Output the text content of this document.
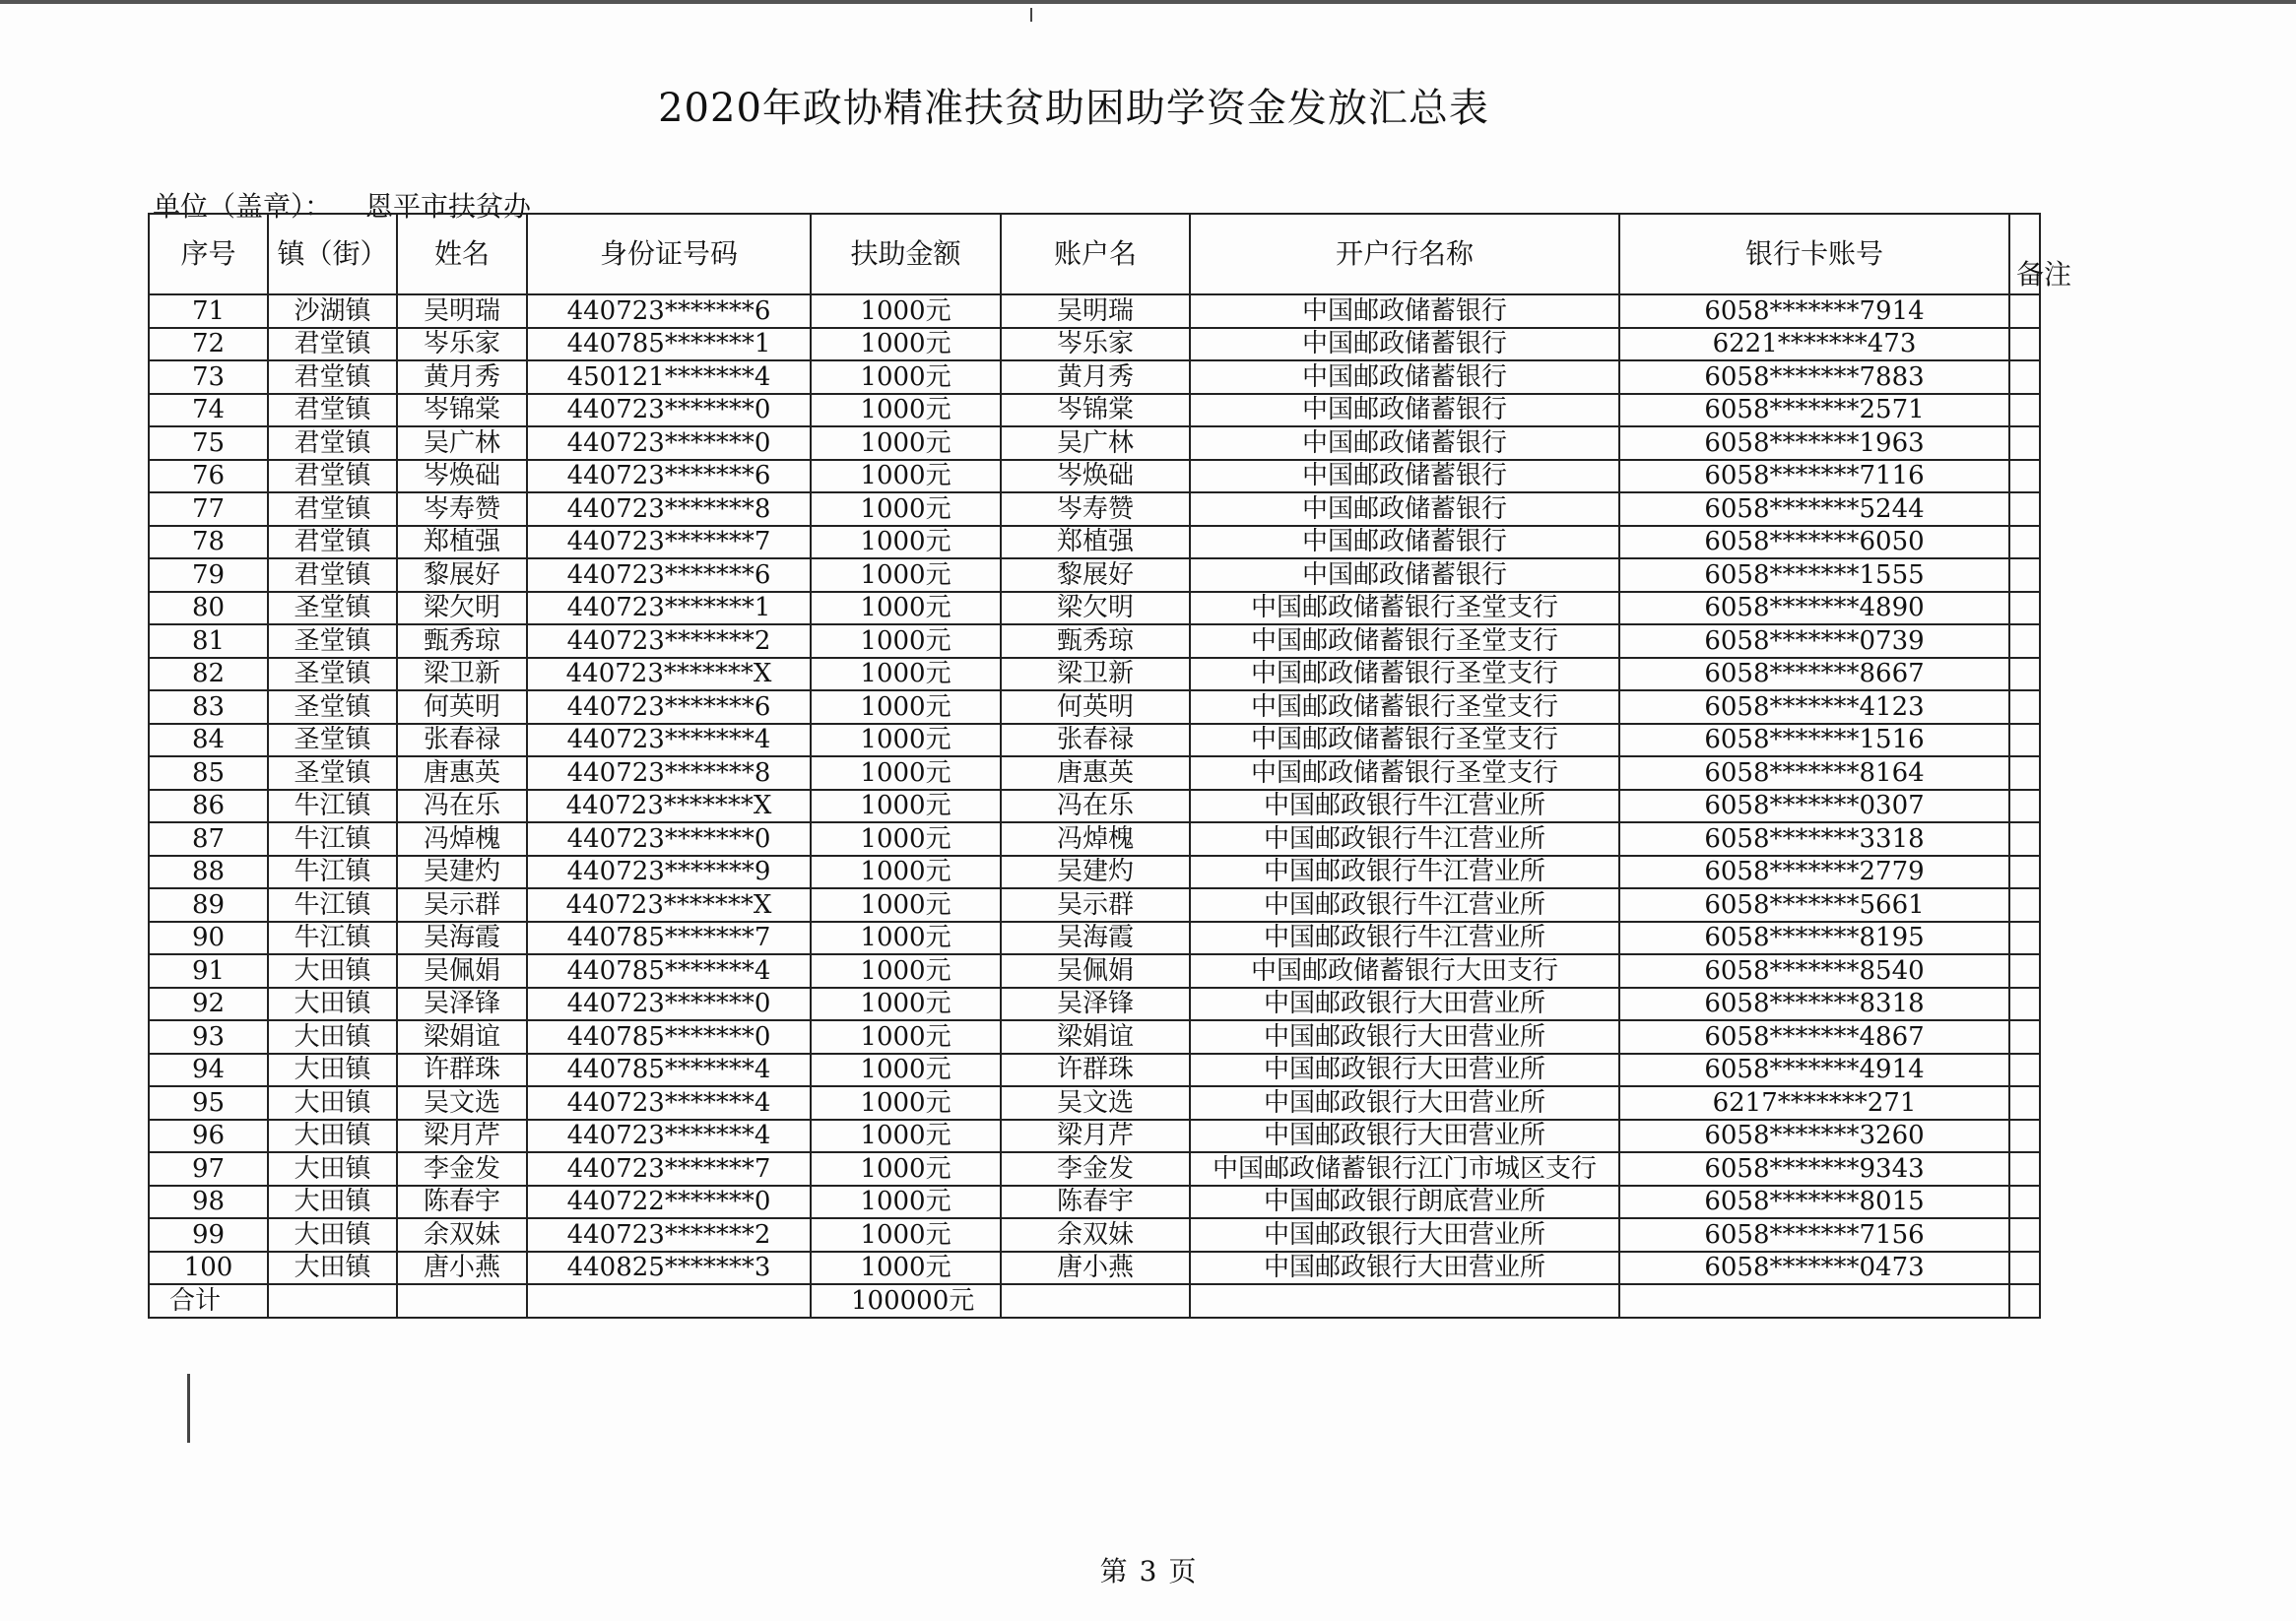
2020年政协精准扶贫助困助学资金发放汇总表
单位（盖章）： 恩平市扶贫办
序号	镇（街）	姓名	身份证号码	扶助金额	账户名	开户行名称	银行卡账号	备注
71	沙湖镇	吴明瑞	440723*******6	1000元	吴明瑞	中国邮政储蓄银行	6058*******7914	
72	君堂镇	岑乐家	440785*******1	1000元	岑乐家	中国邮政储蓄银行	6221*******473	
73	君堂镇	黄月秀	450121*******4	1000元	黄月秀	中国邮政储蓄银行	6058*******7883	
74	君堂镇	岑锦棠	440723*******0	1000元	岑锦棠	中国邮政储蓄银行	6058*******2571	
75	君堂镇	吴广林	440723*******0	1000元	吴广林	中国邮政储蓄银行	6058*******1963	
76	君堂镇	岑焕础	440723*******6	1000元	岑焕础	中国邮政储蓄银行	6058*******7116	
77	君堂镇	岑寿赞	440723*******8	1000元	岑寿赞	中国邮政储蓄银行	6058*******5244	
78	君堂镇	郑植强	440723*******7	1000元	郑植强	中国邮政储蓄银行	6058*******6050	
79	君堂镇	黎展好	440723*******6	1000元	黎展好	中国邮政储蓄银行	6058*******1555	
80	圣堂镇	梁欠明	440723*******1	1000元	梁欠明	中国邮政储蓄银行圣堂支行	6058*******4890	
81	圣堂镇	甄秀琼	440723*******2	1000元	甄秀琼	中国邮政储蓄银行圣堂支行	6058*******0739	
82	圣堂镇	梁卫新	440723*******X	1000元	梁卫新	中国邮政储蓄银行圣堂支行	6058*******8667	
83	圣堂镇	何英明	440723*******6	1000元	何英明	中国邮政储蓄银行圣堂支行	6058*******4123	
84	圣堂镇	张春禄	440723*******4	1000元	张春禄	中国邮政储蓄银行圣堂支行	6058*******1516	
85	圣堂镇	唐惠英	440723*******8	1000元	唐惠英	中国邮政储蓄银行圣堂支行	6058*******8164	
86	牛江镇	冯在乐	440723*******X	1000元	冯在乐	中国邮政银行牛江营业所	6058*******0307	
87	牛江镇	冯焯槐	440723*******0	1000元	冯焯槐	中国邮政银行牛江营业所	6058*******3318	
88	牛江镇	吴建灼	440723*******9	1000元	吴建灼	中国邮政银行牛江营业所	6058*******2779	
89	牛江镇	吴示群	440723*******X	1000元	吴示群	中国邮政银行牛江营业所	6058*******5661	
90	牛江镇	吴海霞	440785*******7	1000元	吴海霞	中国邮政银行牛江营业所	6058*******8195	
91	大田镇	吴佩娟	440785*******4	1000元	吴佩娟	中国邮政储蓄银行大田支行	6058*******8540	
92	大田镇	吴泽锋	440723*******0	1000元	吴泽锋	中国邮政银行大田营业所	6058*******8318	
93	大田镇	梁娟谊	440785*******0	1000元	梁娟谊	中国邮政银行大田营业所	6058*******4867	
94	大田镇	许群珠	440785*******4	1000元	许群珠	中国邮政银行大田营业所	6058*******4914	
95	大田镇	吴文选	440723*******4	1000元	吴文选	中国邮政银行大田营业所	6217*******271	
96	大田镇	梁月芹	440723*******4	1000元	梁月芹	中国邮政银行大田营业所	6058*******3260	
97	大田镇	李金发	440723*******7	1000元	李金发	中国邮政储蓄银行江门市城区支行	6058*******9343	
98	大田镇	陈春宇	440722*******0	1000元	陈春宇	中国邮政银行朗底营业所	6058*******8015	
99	大田镇	余双妹	440723*******2	1000元	余双妹	中国邮政银行大田营业所	6058*******7156	
100	大田镇	唐小燕	440825*******3	1000元	唐小燕	中国邮政银行大田营业所	6058*******0473	
合计				100000元				
第 3 页
